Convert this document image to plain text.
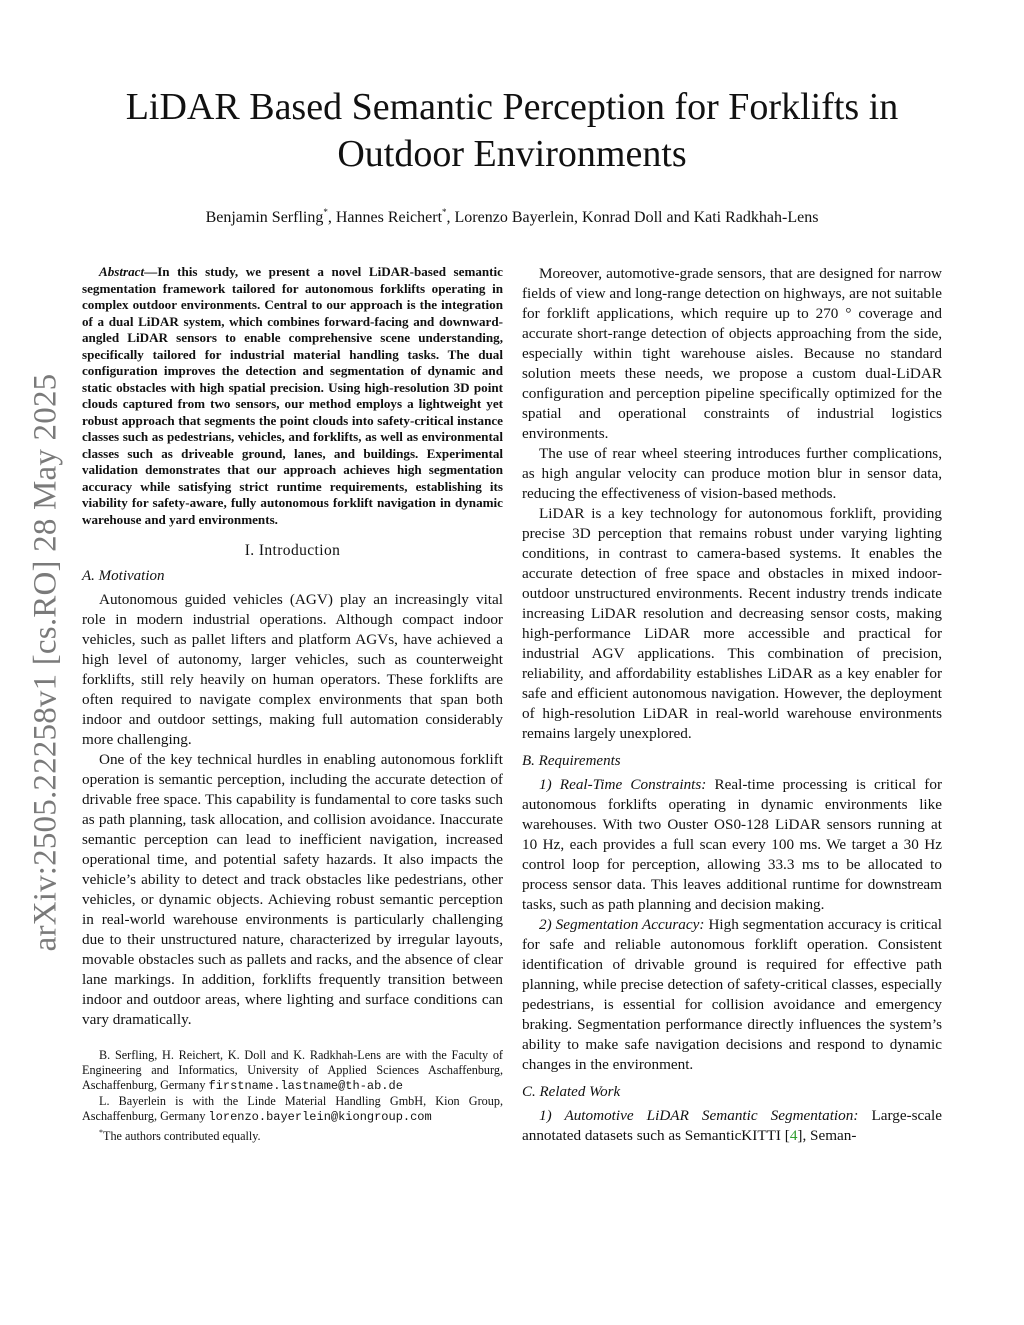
arXiv:2505.22258v1 [cs.RO] 28 May 2025
LiDAR Based Semantic Perception for Forklifts in Outdoor Environments
Benjamin Serfling*, Hannes Reichert*, Lorenzo Bayerlein, Konrad Doll and Kati Radkhah-Lens

Abstract—In this study, we present a novel LiDAR-based semantic segmentation framework tailored for autonomous forklifts operating in complex outdoor environments. Central to our approach is the integration of a dual LiDAR system, which combines forward-facing and downward-angled LiDAR sensors to enable comprehensive scene understanding, specifically tailored for industrial material handling tasks. The dual configuration improves the detection and segmentation of dynamic and static obstacles with high spatial precision. Using high-resolution 3D point clouds captured from two sensors, our method employs a lightweight yet robust approach that segments the point clouds into safety-critical instance classes such as pedestrians, vehicles, and forklifts, as well as environmental classes such as driveable ground, lanes, and buildings. Experimental validation demonstrates that our approach achieves high segmentation accuracy while satisfying strict runtime requirements, establishing its viability for safety-aware, fully autonomous forklift navigation in dynamic warehouse and yard environments.

I. Introduction
A. Motivation

Autonomous guided vehicles (AGV) play an increasingly vital role in modern industrial operations. Although compact indoor vehicles, such as pallet lifters and platform AGVs, have achieved a high level of autonomy, larger vehicles, such as counterweight forklifts, still rely heavily on human operators. These forklifts are often required to navigate complex environments that span both indoor and outdoor settings, making full automation considerably more challenging.

One of the key technical hurdles in enabling autonomous forklift operation is semantic perception, including the accurate detection of drivable free space. This capability is fundamental to core tasks such as path planning, task allocation, and collision avoidance. Inaccurate semantic perception can lead to inefficient navigation, increased operational time, and potential safety hazards. It also impacts the vehicle’s ability to detect and track obstacles like pedestrians, other vehicles, or dynamic objects. Achieving robust semantic perception in real-world warehouse environments is particularly challenging due to their unstructured nature, characterized by irregular layouts, movable obstacles such as pallets and racks, and the absence of clear lane markings. In addition, forklifts frequently transition between indoor and outdoor areas, where lighting and surface conditions can vary dramatically.

B. Serfling, H. Reichert, K. Doll and K. Radkhah-Lens are with the Faculty of Engineering and Informatics, University of Applied Sciences Aschaffenburg, Aschaffenburg, Germany firstname.lastname@th-ab.de

L. Bayerlein is with the Linde Material Handling GmbH, Kion Group, Aschaffenburg, Germany lorenzo.bayerlein@kiongroup.com

*The authors contributed equally.

Moreover, automotive-grade sensors, that are designed for narrow fields of view and long-range detection on highways, are not suitable for forklift applications, which require up to 270 ° coverage and accurate short-range detection of objects approaching from the side, especially within tight warehouse aisles. Because no standard solution meets these needs, we propose a custom dual-LiDAR configuration and perception pipeline specifically optimized for the spatial and operational constraints of industrial logistics environments.

The use of rear wheel steering introduces further complications, as high angular velocity can produce motion blur in sensor data, reducing the effectiveness of vision-based methods.

LiDAR is a key technology for autonomous forklift, providing precise 3D perception that remains robust under varying lighting conditions, in contrast to camera-based systems. It enables the accurate detection of free space and obstacles in mixed indoor-outdoor unstructured environments. Recent industry trends indicate increasing LiDAR resolution and decreasing sensor costs, making high-performance LiDAR more accessible and practical for industrial AGV applications. This combination of precision, reliability, and affordability establishes LiDAR as a key enabler for safe and efficient autonomous navigation. However, the deployment of high-resolution LiDAR in real-world warehouse environments remains largely unexplored.

B. Requirements

1) Real-Time Constraints: Real-time processing is critical for autonomous forklifts operating in dynamic environments like warehouses. With two Ouster OS0-128 LiDAR sensors running at 10 Hz, each provides a full scan every 100 ms. We target a 30 Hz control loop for perception, allowing 33.3 ms to be allocated to process sensor data. This leaves additional runtime for downstream tasks, such as path planning and decision making.

2) Segmentation Accuracy: High segmentation accuracy is critical for safe and reliable autonomous forklift operation. Consistent identification of drivable ground is required for effective path planning, while precise detection of safety-critical classes, especially pedestrians, is essential for collision avoidance and emergency braking. Segmentation performance directly influences the system’s ability to make safe navigation decisions and respond to dynamic changes in the environment.

C. Related Work

1) Automotive LiDAR Semantic Segmentation: Large-scale annotated datasets such as SemanticKITTI [4], Seman-
